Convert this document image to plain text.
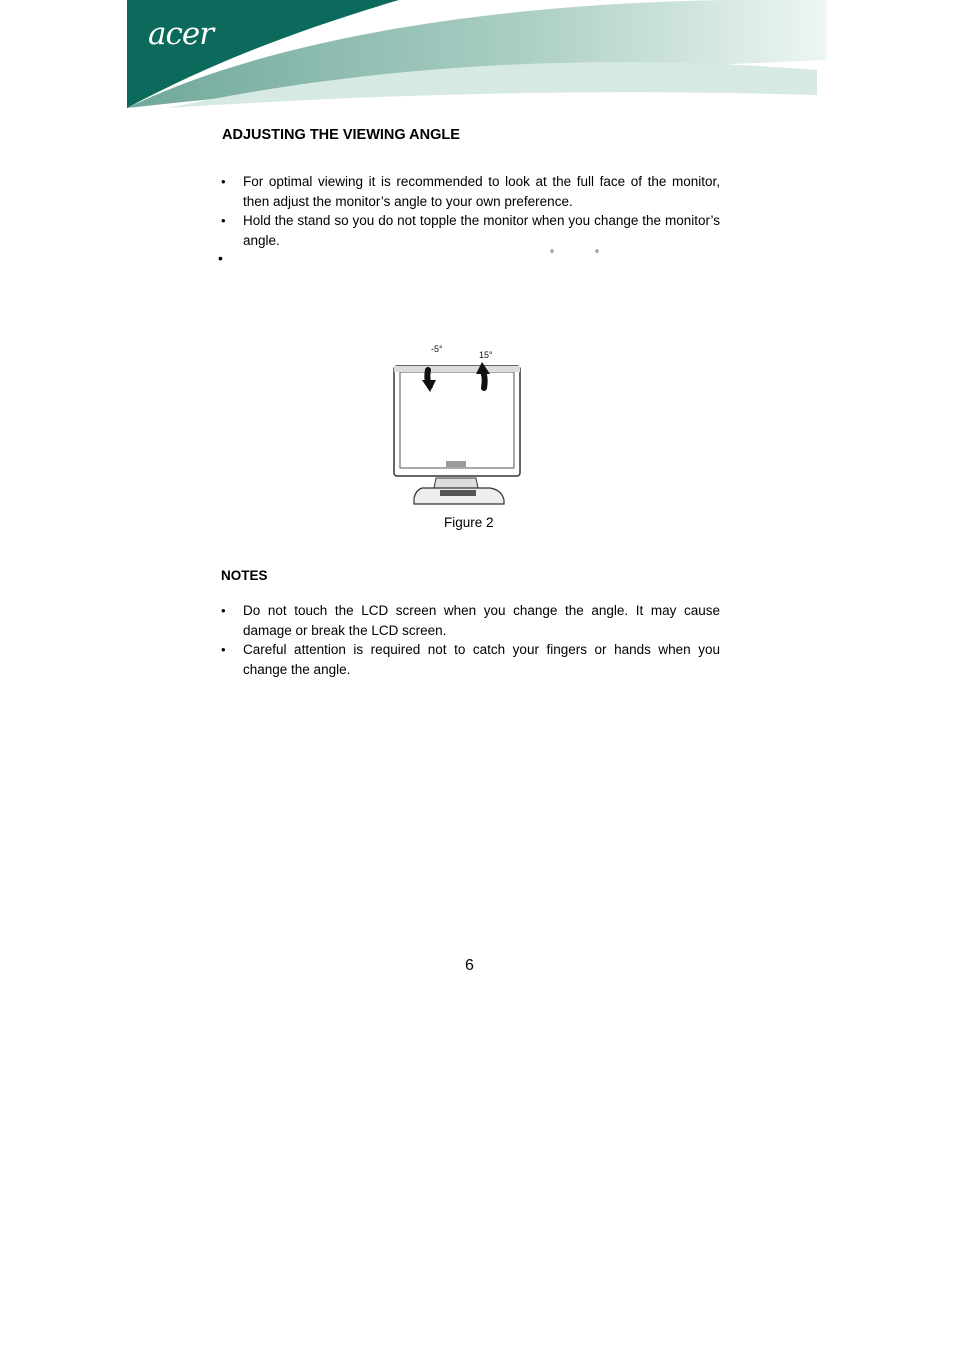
acer
ADJUSTING THE VIEWING ANGLE
• For optimal viewing it is recommended to look at the full face of the monitor, then adjust the monitor’s angle to your own preference.
• Hold the stand so you do not topple the monitor when you change the monitor’s angle.
•	°	°
-5°
15°
Figure 2
NOTES
• Do not touch the LCD screen when you change the angle. It may cause damage or break the LCD screen.
• Careful attention is required not to catch your fingers or hands when you change the angle.
6
